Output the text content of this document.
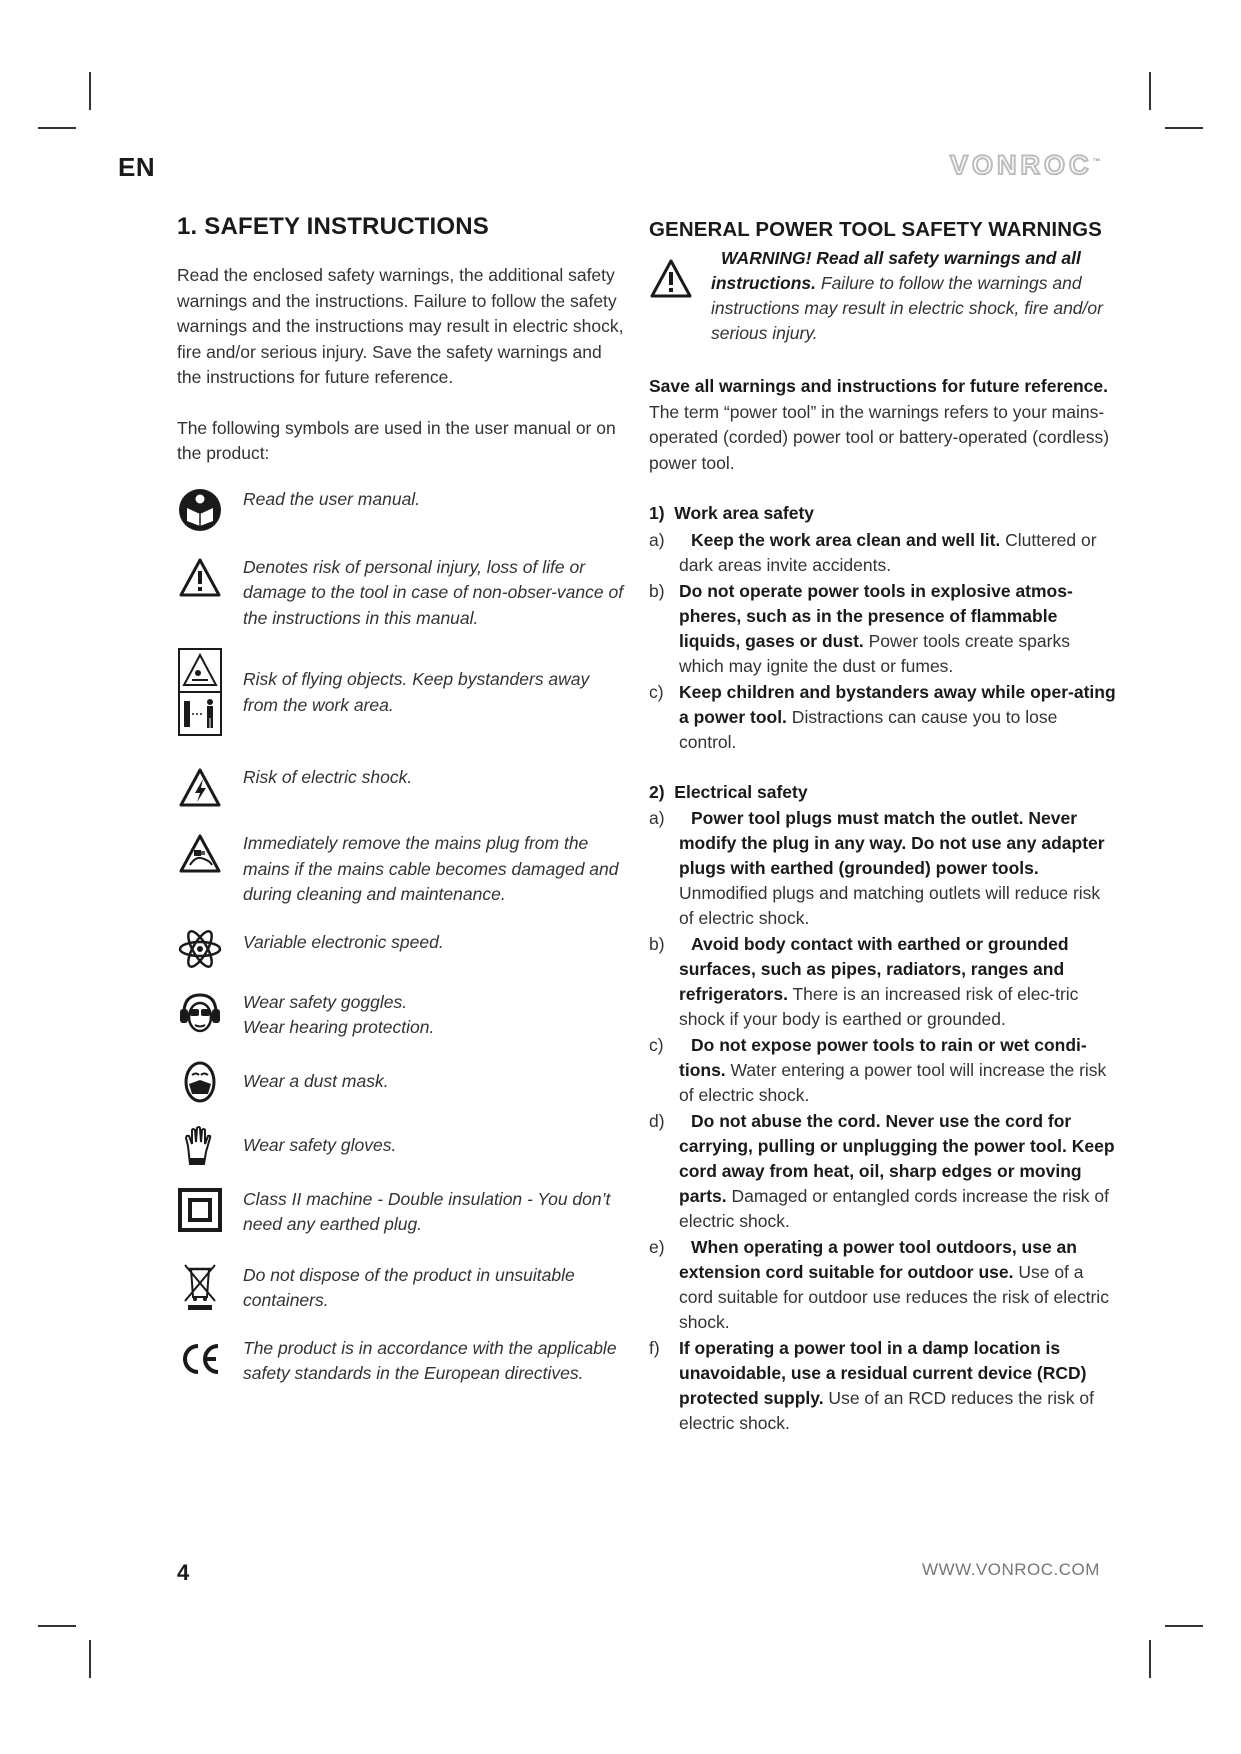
EN	VONROC™
1. SAFETY INSTRUCTIONS

Read the enclosed safety warnings, the additional safety warnings and the instructions. Failure to follow the safety warnings and the instructions may result in electric shock, fire and/or serious injury. Save the safety warnings and the instructions for future reference.

The following symbols are used in the user manual or on the product:

Read the user manual.
Denotes risk of personal injury, loss of life or damage to the tool in case of non-obser-vance of the instructions in this manual.
Risk of flying objects. Keep bystanders away from the work area.
Risk of electric shock.
Immediately remove the mains plug from the mains if the mains cable becomes damaged and during cleaning and maintenance.
Variable electronic speed.
Wear safety goggles.
Wear hearing protection.
Wear a dust mask.
Wear safety gloves.
Class II machine - Double insulation - You don’t need any earthed plug.
Do not dispose of the product in unsuitable containers.
The product is in accordance with the applicable safety standards in the European directives.
GENERAL POWER TOOL SAFETY WARNINGS
WARNING! Read all safety warnings and all instructions. Failure to follow the warnings and instructions may result in electric shock, fire and/or serious injury.
Save all warnings and instructions for future reference.

The term “power tool” in the warnings refers to your mains-operated (corded) power tool or battery-operated (cordless) power tool.

1)  Work area safety
a)	Keep the work area clean and well lit. Cluttered or dark areas invite accidents.
b) Do not operate power tools in explosive atmos-pheres, such as in the presence of flammable liquids, gases or dust. Power tools create sparks which may ignite the dust or fumes.
c) Keep children and bystanders away while oper-ating a power tool. Distractions can cause you to lose control.
2)  Electrical safety
a)	Power tool plugs must match the outlet. Never modify the plug in any way. Do not use any adapter plugs with earthed (grounded) power tools. Unmodified plugs and matching outlets will reduce risk of electric shock.
b)	Avoid body contact with earthed or grounded surfaces, such as pipes, radiators, ranges and refrigerators. There is an increased risk of elec-tric shock if your body is earthed or grounded.
c)	Do not expose power tools to rain or wet condi-tions. Water entering a power tool will increase the risk of electric shock.
d)	Do not abuse the cord. Never use the cord for carrying, pulling or unplugging the power tool. Keep cord away from heat, oil, sharp edges or moving parts. Damaged or entangled cords increase the risk of electric shock.
e)	When operating a power tool outdoors, use an extension cord suitable for outdoor use. Use of a cord suitable for outdoor use reduces the risk of electric shock.
f)	If operating a power tool in a damp location is unavoidable, use a residual current device (RCD) protected supply. Use of an RCD reduces the risk of electric shock.
4	WWW.VONROC.COM
